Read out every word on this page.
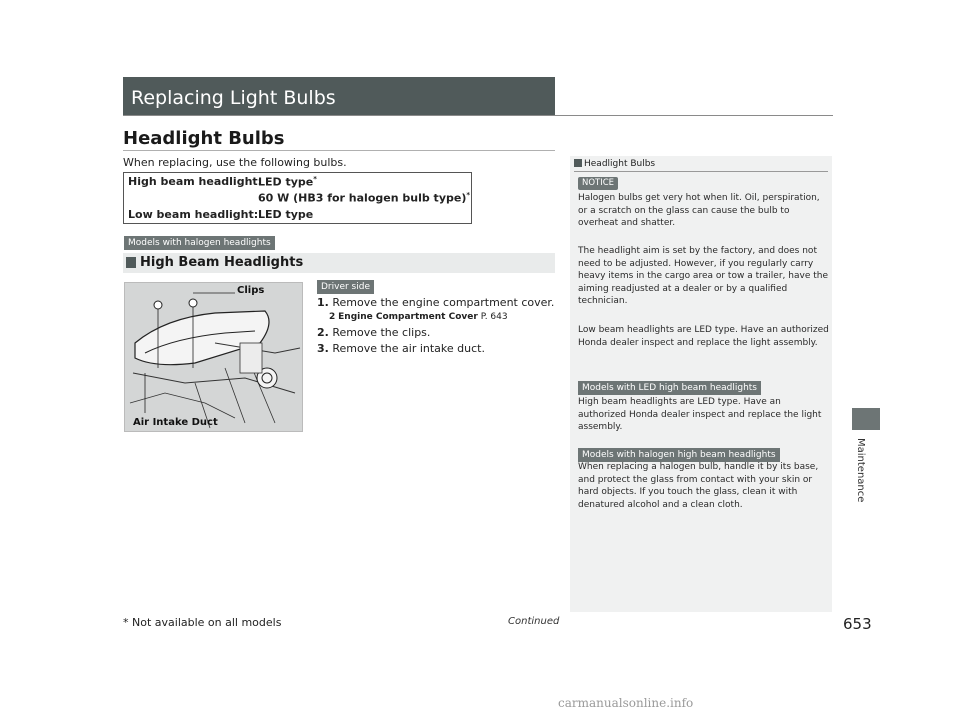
Replacing Light Bulbs
Headlight Bulbs
When replacing, use the following bulbs.
High beam headlight:
LED type*
60 W (HB3 for halogen bulb type)*
Low beam headlight: LED type
Models with halogen headlights
High Beam Headlights
Clips
Air Intake Duct
Driver side
1. Remove the engine compartment cover.
2 Engine Compartment Cover P. 643
2. Remove the clips.
3. Remove the air intake duct.
Headlight Bulbs
NOTICE
Halogen bulbs get very hot when lit. Oil, perspiration, or a scratch on the glass can cause the bulb to overheat and shatter.
The headlight aim is set by the factory, and does not need to be adjusted. However, if you regularly carry heavy items in the cargo area or tow a trailer, have the aiming readjusted at a dealer or by a qualified technician.
Low beam headlights are LED type. Have an authorized Honda dealer inspect and replace the light assembly.
Models with LED high beam headlights
High beam headlights are LED type. Have an authorized Honda dealer inspect and replace the light assembly.
Models with halogen high beam headlights
When replacing a halogen bulb, handle it by its base, and protect the glass from contact with your skin or hard objects. If you touch the glass, clean it with denatured alcohol and a clean cloth.
Maintenance
* Not available on all models	Continued	653
carmanualsonline.info
